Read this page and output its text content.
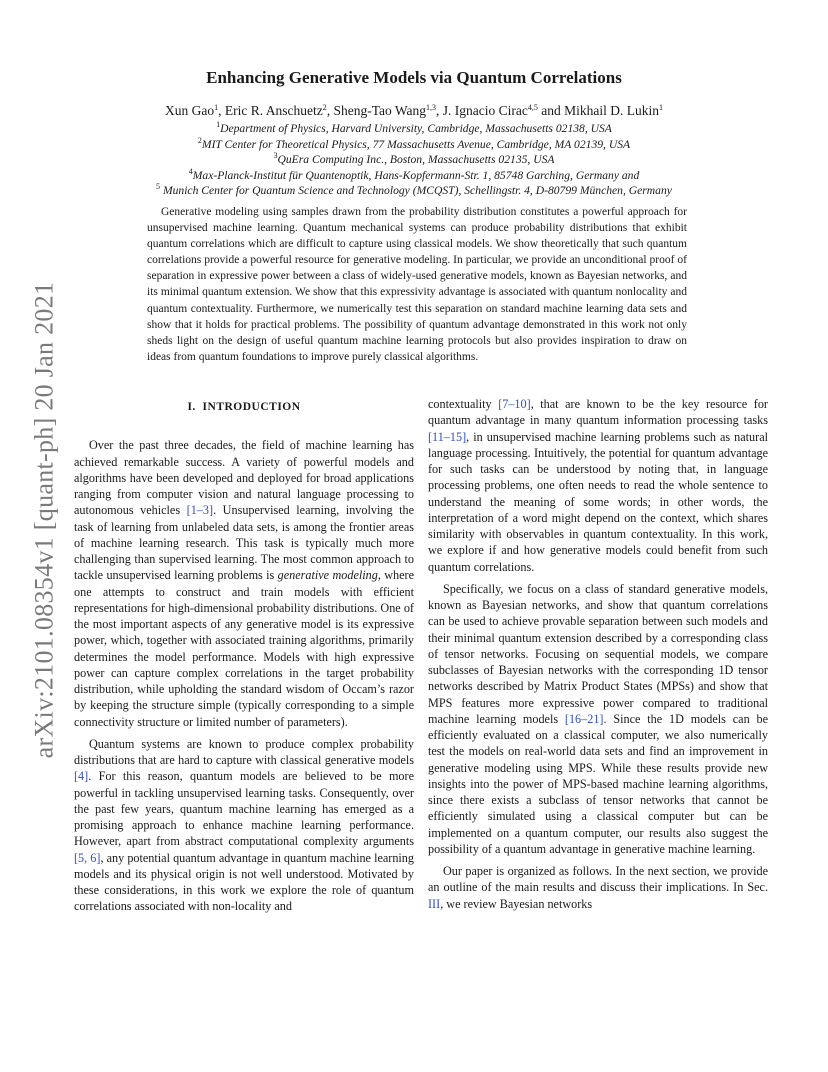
arXiv:2101.08354v1 [quant-ph] 20 Jan 2021
Enhancing Generative Models via Quantum Correlations
Xun Gao$^1$, Eric R. Anschuetz$^2$, Sheng-Tao Wang$^{1,3}$, J. Ignacio Cirac$^{4,5}$ and Mikhail D. Lukin$^1$
$^1$Department of Physics, Harvard University, Cambridge, Massachusetts 02138, USA
$^2$MIT Center for Theoretical Physics, 77 Massachusetts Avenue, Cambridge, MA 02139, USA
$^3$QuEra Computing Inc., Boston, Massachusetts 02135, USA
$^4$Max-Planck-Institut für Quantenoptik, Hans-Kopfermann-Str. 1, 85748 Garching, Germany and
$^5$ Munich Center for Quantum Science and Technology (MCQST), Schellingstr. 4, D-80799 München, Germany
Generative modeling using samples drawn from the probability distribution constitutes a powerful approach for unsupervised machine learning. Quantum mechanical systems can produce probability distributions that exhibit quantum correlations which are difficult to capture using classical models. We show theoretically that such quantum correlations provide a powerful resource for generative modeling. In particular, we provide an unconditional proof of separation in expressive power between a class of widely-used generative models, known as Bayesian networks, and its minimal quantum extension. We show that this expressivity advantage is associated with quantum nonlocality and quantum contextuality. Furthermore, we numerically test this separation on standard machine learning data sets and show that it holds for practical problems. The possibility of quantum advantage demonstrated in this work not only sheds light on the design of useful quantum machine learning protocols but also provides inspiration to draw on ideas from quantum foundations to improve purely classical algorithms.
I. INTRODUCTION

Over the past three decades, the field of machine learning has achieved remarkable success. A variety of powerful models and algorithms have been developed and deployed for broad applications ranging from computer vision and natural language processing to autonomous vehicles [1–3]. Unsupervised learning, involving the task of learning from unlabeled data sets, is among the frontier areas of machine learning research. This task is typically much more challenging than supervised learning. The most common approach to tackle unsupervised learning problems is generative modeling, where one attempts to construct and train models with efficient representations for high-dimensional probability distributions. One of the most important aspects of any generative model is its expressive power, which, together with associated training algorithms, primarily determines the model performance. Models with high expressive power can capture complex correlations in the target probability distribution, while upholding the standard wisdom of Occam’s razor by keeping the structure simple (typically corresponding to a simple connectivity structure or limited number of parameters).

Quantum systems are known to produce complex probability distributions that are hard to capture with classical generative models [4]. For this reason, quantum models are believed to be more powerful in tackling unsupervised learning tasks. Consequently, over the past few years, quantum machine learning has emerged as a promising approach to enhance machine learning performance. However, apart from abstract computational complexity arguments [5, 6], any potential quantum advantage in quantum machine learning models and its physical origin is not well understood. Motivated by these considerations, in this work we explore the role of quantum correlations associated with non-locality and

contextuality [7–10], that are known to be the key resource for quantum advantage in many quantum information processing tasks [11–15], in unsupervised machine learning problems such as natural language processing. Intuitively, the potential for quantum advantage for such tasks can be understood by noting that, in language processing problems, one often needs to read the whole sentence to understand the meaning of some words; in other words, the interpretation of a word might depend on the context, which shares similarity with observables in quantum contextuality. In this work, we explore if and how generative models could benefit from such quantum correlations.

Specifically, we focus on a class of standard generative models, known as Bayesian networks, and show that quantum correlations can be used to achieve provable separation between such models and their minimal quantum extension described by a corresponding class of tensor networks. Focusing on sequential models, we compare subclasses of Bayesian networks with the corresponding 1D tensor networks described by Matrix Product States (MPSs) and show that MPS features more expressive power compared to traditional machine learning models [16–21]. Since the 1D models can be efficiently evaluated on a classical computer, we also numerically test the models on real-world data sets and find an improvement in generative modeling using MPS. While these results provide new insights into the power of MPS-based machine learning algorithms, since there exists a subclass of tensor networks that cannot be efficiently simulated using a classical computer but can be implemented on a quantum computer, our results also suggest the possibility of a quantum advantage in generative machine learning.

Our paper is organized as follows. In the next section, we provide an outline of the main results and discuss their implications. In Sec. III, we review Bayesian networks
